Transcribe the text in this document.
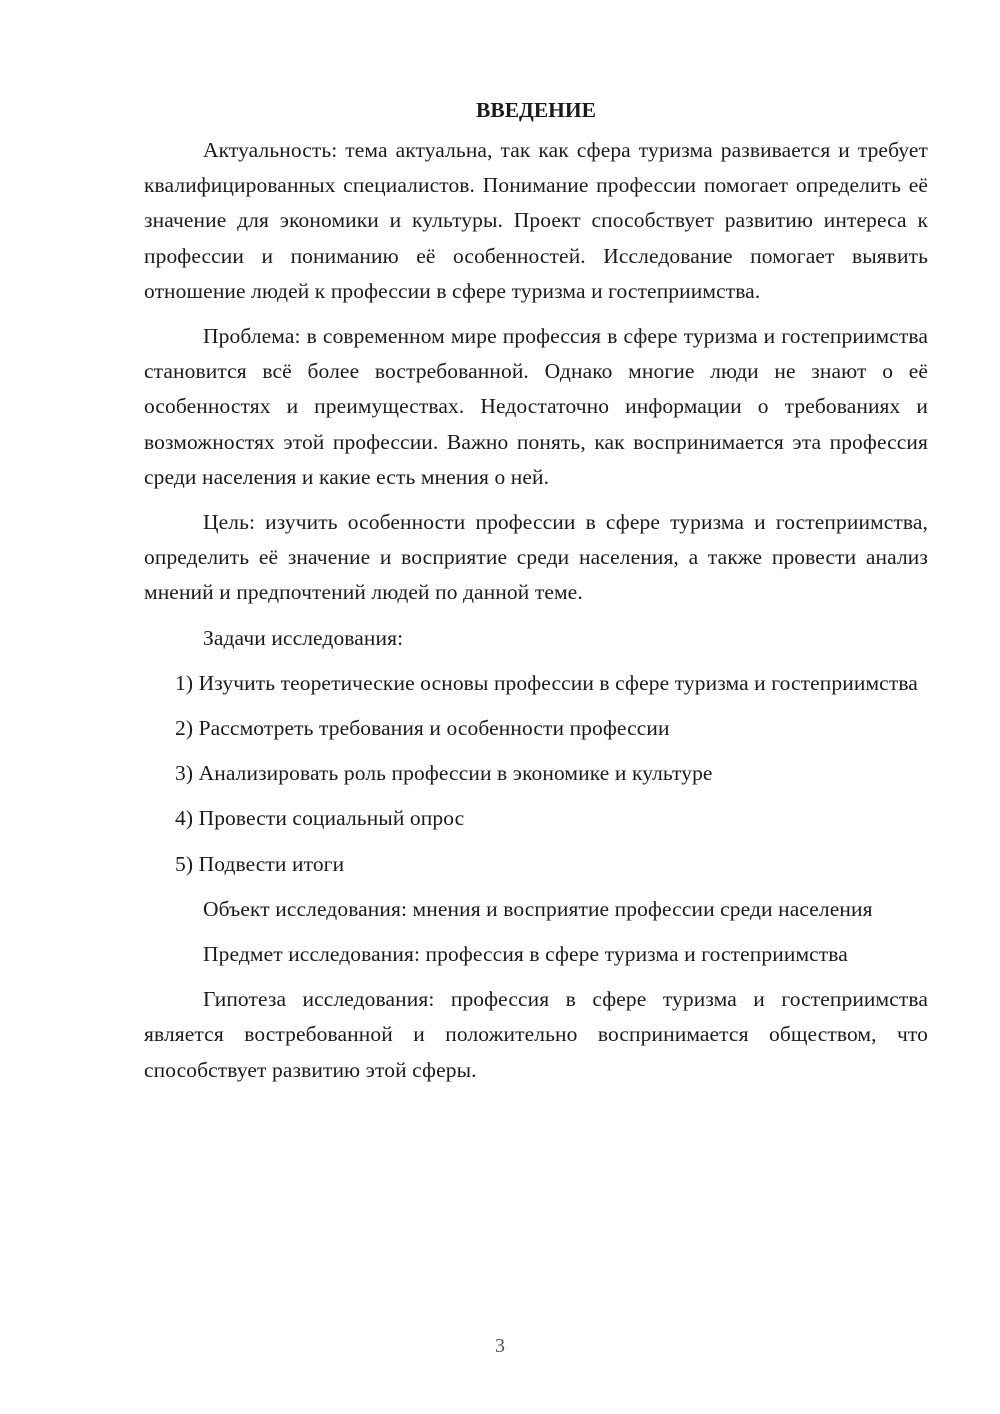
ВВЕДЕНИЕ

Актуальность: тема актуальна, так как сфера туризма развивается и требует квалифицированных специалистов. Понимание профессии помогает определить её значение для экономики и культуры. Проект способствует развитию интереса к профессии и пониманию её особенностей. Исследование помогает выявить отношение людей к профессии в сфере туризма и гостеприимства.

Проблема: в современном мире профессия в сфере туризма и гостеприимства становится всё более востребованной. Однако многие люди не знают о её особенностях и преимуществах. Недостаточно информации о требованиях и возможностях этой профессии. Важно понять, как воспринимается эта профессия среди населения и какие есть мнения о ней.

Цель: изучить особенности профессии в сфере туризма и гостеприимства, определить её значение и восприятие среди населения, а также провести анализ мнений и предпочтений людей по данной теме.

Задачи исследования:

1) Изучить теоретические основы профессии в сфере туризма и гостеприимства

2) Рассмотреть требования и особенности профессии

3) Анализировать роль профессии в экономике и культуре

4) Провести социальный опрос

5) Подвести итоги

Объект исследования: мнения и восприятие профессии среди населения

Предмет исследования: профессия в сфере туризма и гостеприимства

Гипотеза исследования: профессия в сфере туризма и гостеприимства является востребованной и положительно воспринимается обществом, что способствует развитию этой сферы.

3
